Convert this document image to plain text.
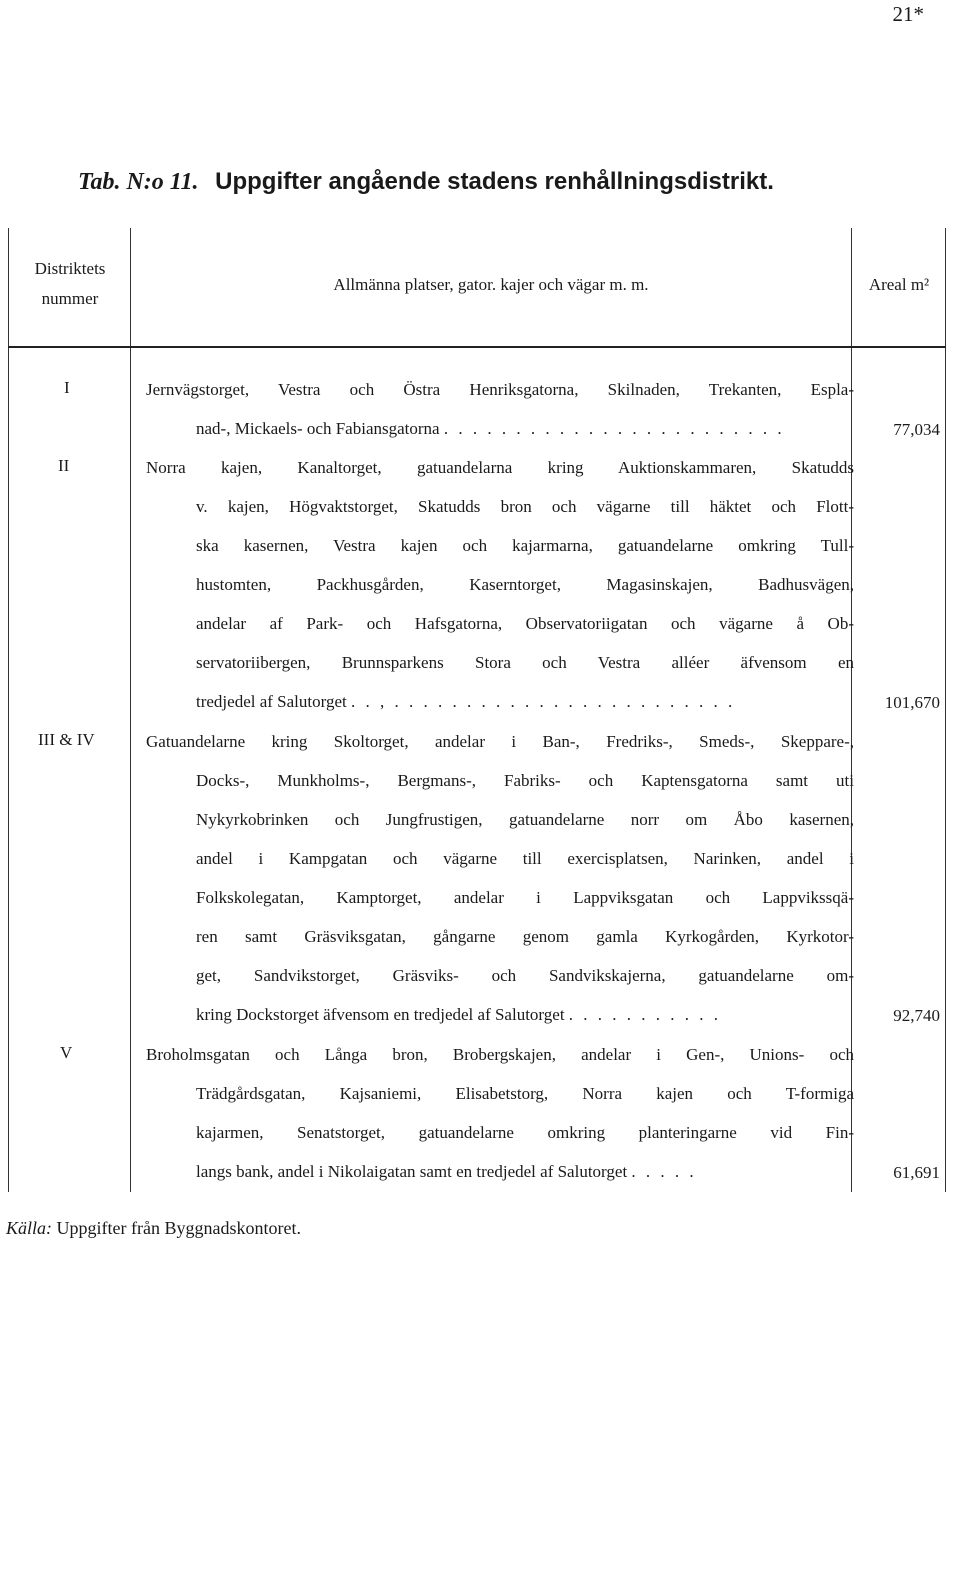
21*
Tab. N:o 11. Uppgifter angående stadens renhållningsdistrikt.
Distriktets
nummer
Allmänna platser, gator. kajer och vägar m. m.	Areal m²
I	Jernvägstorget, Vestra och Östra Henriksgatorna, Skilnaden, Trekanten, Espla-
nad-, Mickaels- och Fabiansgatorna . . . . . . . . . . . . . . . . . . . . . . . .	77,034
II	Norra kajen, Kanaltorget, gatuandelarna kring Auktionskammaren, Skatudds
v. kajen, Högvaktstorget, Skatudds bron och vägarne till häktet och Flott-
ska kasernen, Vestra kajen och kajarmarna, gatuandelarne omkring Tull-
hustomten, Packhusgården, Kaserntorget, Magasinskajen, Badhusvägen,
andelar af Park- och Hafsgatorna, Observatoriigatan och vägarne å Ob-
servatoriibergen, Brunnsparkens Stora och Vestra alléer äfvensom en
tredjedel af Salutorget . . , . . . . . . . . . . . . . . . . . . . . . . . .	101,670
III & IV	Gatuandelarne kring Skoltorget, andelar i Ban-, Fredriks-, Smeds-, Skeppare-,
Docks-, Munkholms-, Bergmans-, Fabriks- och Kaptensgatorna samt uti
Nykyrkobrinken och Jungfrustigen, gatuandelarne norr om Åbo kasernen,
andel i Kampgatan och vägarne till exercisplatsen, Narinken, andel i
Folkskolegatan, Kamptorget, andelar i Lappviksgatan och Lappvikssqä-
ren samt Gräsviksgatan, gångarne genom gamla Kyrkogården, Kyrkotor-
get, Sandvikstorget, Gräsviks- och Sandvikskajerna, gatuandelarne om-
kring Dockstorget äfvensom en tredjedel af Salutorget . . . . . . . . . . .	92,740
V	Broholmsgatan och Långa bron, Brobergskajen, andelar i Gen-, Unions- och
Trädgårdsgatan, Kajsaniemi, Elisabetstorg, Norra kajen och T-formiga
kajarmen, Senatstorget, gatuandelarne omkring planteringarne vid Fin-
langs bank, andel i Nikolaigatan samt en tredjedel af Salutorget . . . . .	61,691
Källa: Uppgifter från Byggnadskontoret.
